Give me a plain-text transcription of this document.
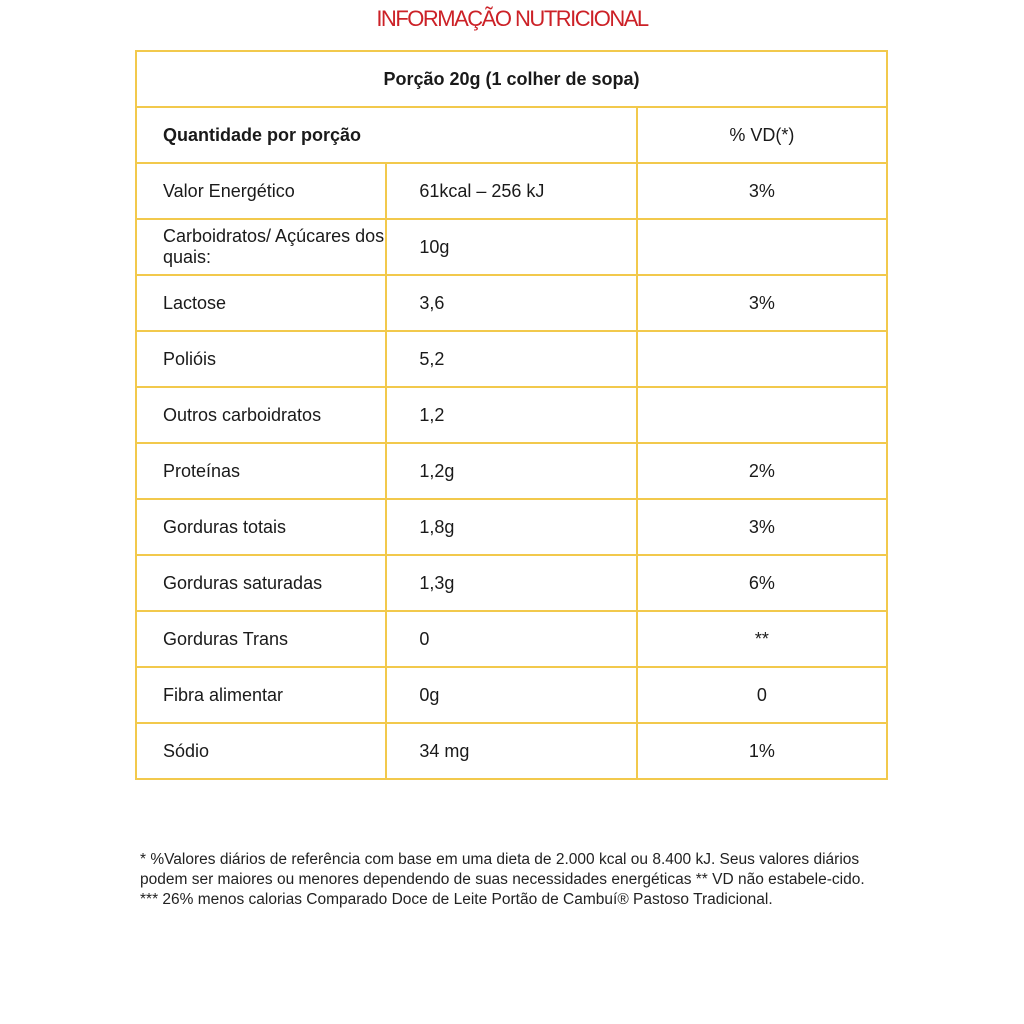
INFORMAÇÃO NUTRICIONAL
Porção 20g (1 colher de sopa)		
Quantidade por porção		% VD(*)
Valor Energético	61kcal – 256 kJ	3%
Carboidratos/ Açúcares dos quais:	10g	
Lactose	3,6	3%
Polióis	5,2	
Outros carboidratos	1,2	
Proteínas	1,2g	2%
Gorduras totais	1,8g	3%
Gorduras saturadas	1,3g	6%
Gorduras Trans	0	**
Fibra alimentar	0g	0
Sódio	34 mg	1%
* %Valores diários de referência com base em uma dieta de 2.000 kcal ou 8.400 kJ. Seus valores diários
podem ser maiores ou menores dependendo de suas necessidades energéticas ** VD não estabele-cido.
*** 26% menos calorias Comparado Doce de Leite Portão de Cambuí® Pastoso Tradicional.
